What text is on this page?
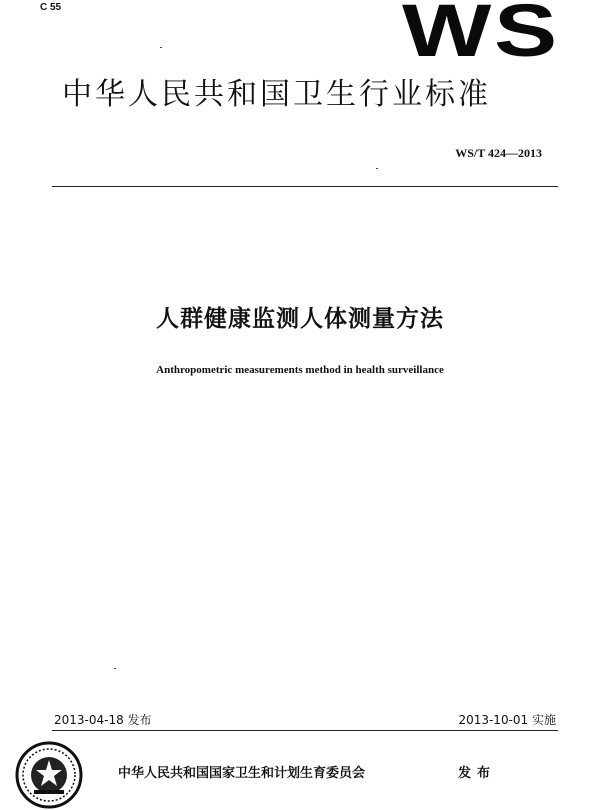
C 55	WS
中华人民共和国卫生行业标准
WS/T 424—2013
人群健康监测人体测量方法
Anthropometric measurements method in health surveillance
2013-04-18 发布	2013-10-01 实施
中华人民共和国国家卫生和计划生育委员会	发布
